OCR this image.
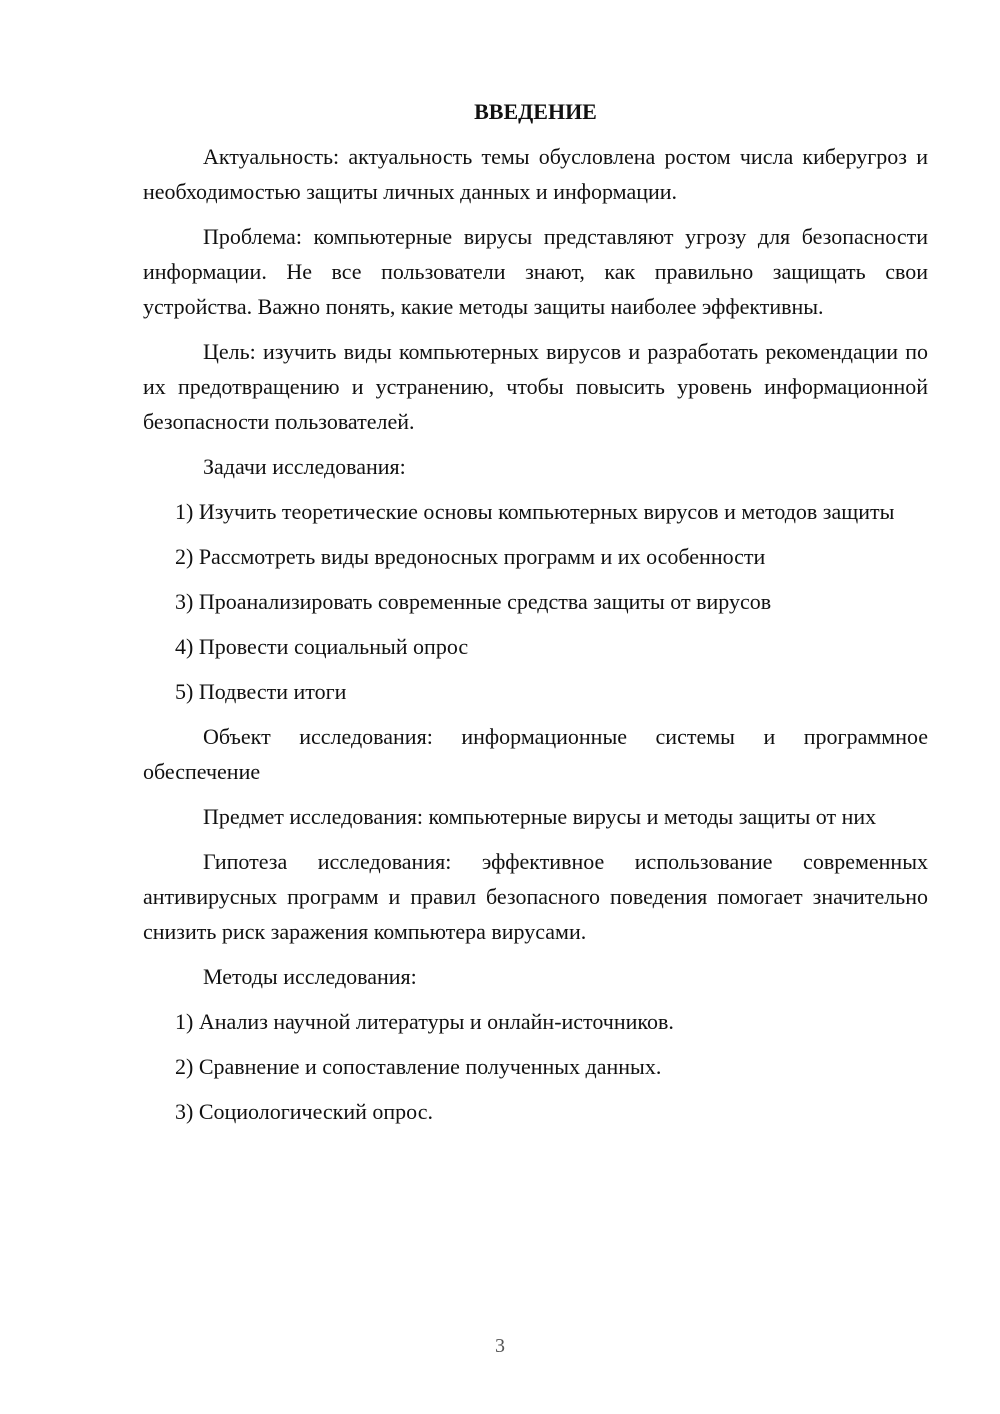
ВВЕДЕНИЕ

Актуальность: актуальность темы обусловлена ростом числа киберугроз и необходимостью защиты личных данных и информации.

Проблема: компьютерные вирусы представляют угрозу для безопасности информации. Не все пользователи знают, как правильно защищать свои устройства. Важно понять, какие методы защиты наиболее эффективны.

Цель: изучить виды компьютерных вирусов и разработать рекомендации по их предотвращению и устранению, чтобы повысить уровень информационной безопасности пользователей.

Задачи исследования:

1) Изучить теоретические основы компьютерных вирусов и методов защиты

2) Рассмотреть виды вредоносных программ и их особенности

3) Проанализировать современные средства защиты от вирусов

4) Провести социальный опрос

5) Подвести итоги

Объект исследования: информационные системы и программное обеспечение

Предмет исследования: компьютерные вирусы и методы защиты от них

Гипотеза исследования: эффективное использование современных антивирусных программ и правил безопасного поведения помогает значительно снизить риск заражения компьютера вирусами.

Методы исследования:

1) Анализ научной литературы и онлайн-источников.

2) Сравнение и сопоставление полученных данных.

3) Социологический опрос.

3
